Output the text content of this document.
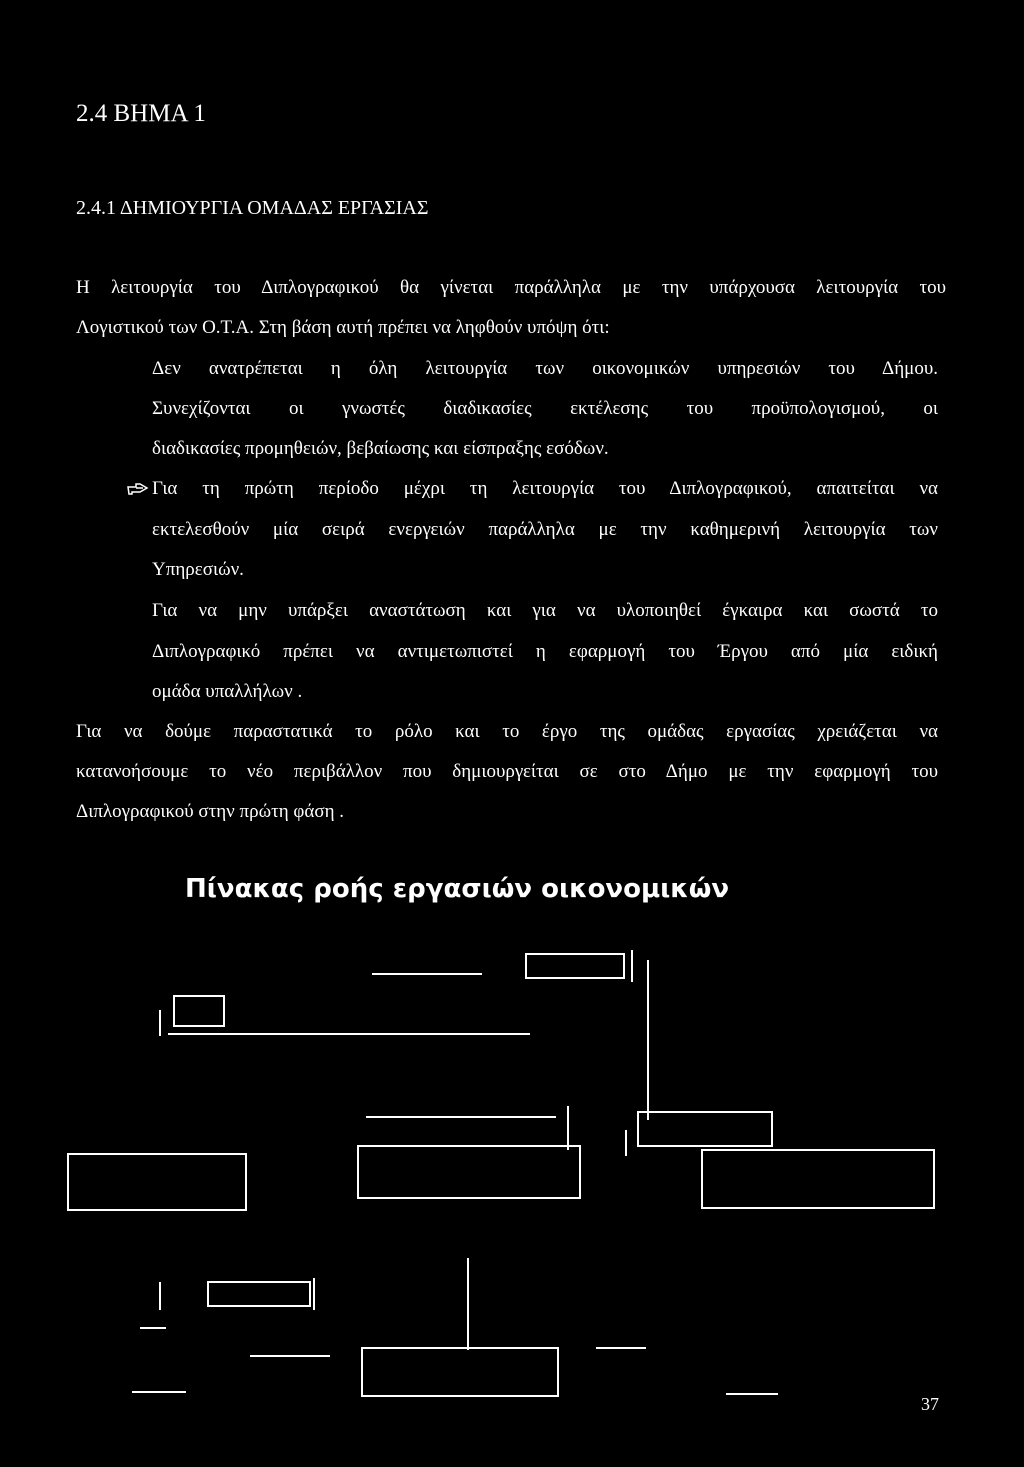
2.4 ΒΗΜΑ 1
2.4.1 ΔΗΜΙΟΥΡΓΙΑ ΟΜΑΔΑΣ ΕΡΓΑΣΙΑΣ
Η λειτουργία του Διπλογραφικού θα γίνεται παράλληλα με την υπάρχουσα λειτουργία του
Λογιστικού των Ο.Τ.Α. Στη βάση αυτή πρέπει να ληφθούν υπόψη ότι:
Δεν ανατρέπεται η όλη λειτουργία των οικονομικών υπηρεσιών του Δήμου.
Συνεχίζονται οι γνωστές διαδικασίες εκτέλεσης του προϋπολογισμού, οι
διαδικασίες προμηθειών, βεβαίωσης και είσπραξης εσόδων.
Για τη πρώτη περίοδο μέχρι τη λειτουργία του Διπλογραφικού, απαιτείται να
εκτελεσθούν μία σειρά ενεργειών παράλληλα με την καθημερινή λειτουργία των
Υπηρεσιών.
Για να μην υπάρξει αναστάτωση και για να υλοποιηθεί έγκαιρα και σωστά το
Διπλογραφικό πρέπει να αντιμετωπιστεί η εφαρμογή του Έργου από μία ειδική
ομάδα υπαλλήλων .
Για να δούμε παραστατικά το ρόλο και το έργο της ομάδας εργασίας χρειάζεται να
κατανοήσουμε το νέο περιβάλλον που δημιουργείται σε στο Δήμο με την εφαρμογή του
Διπλογραφικού στην πρώτη φάση .
Πίνακας ροής εργασιών οικονομικών
37
